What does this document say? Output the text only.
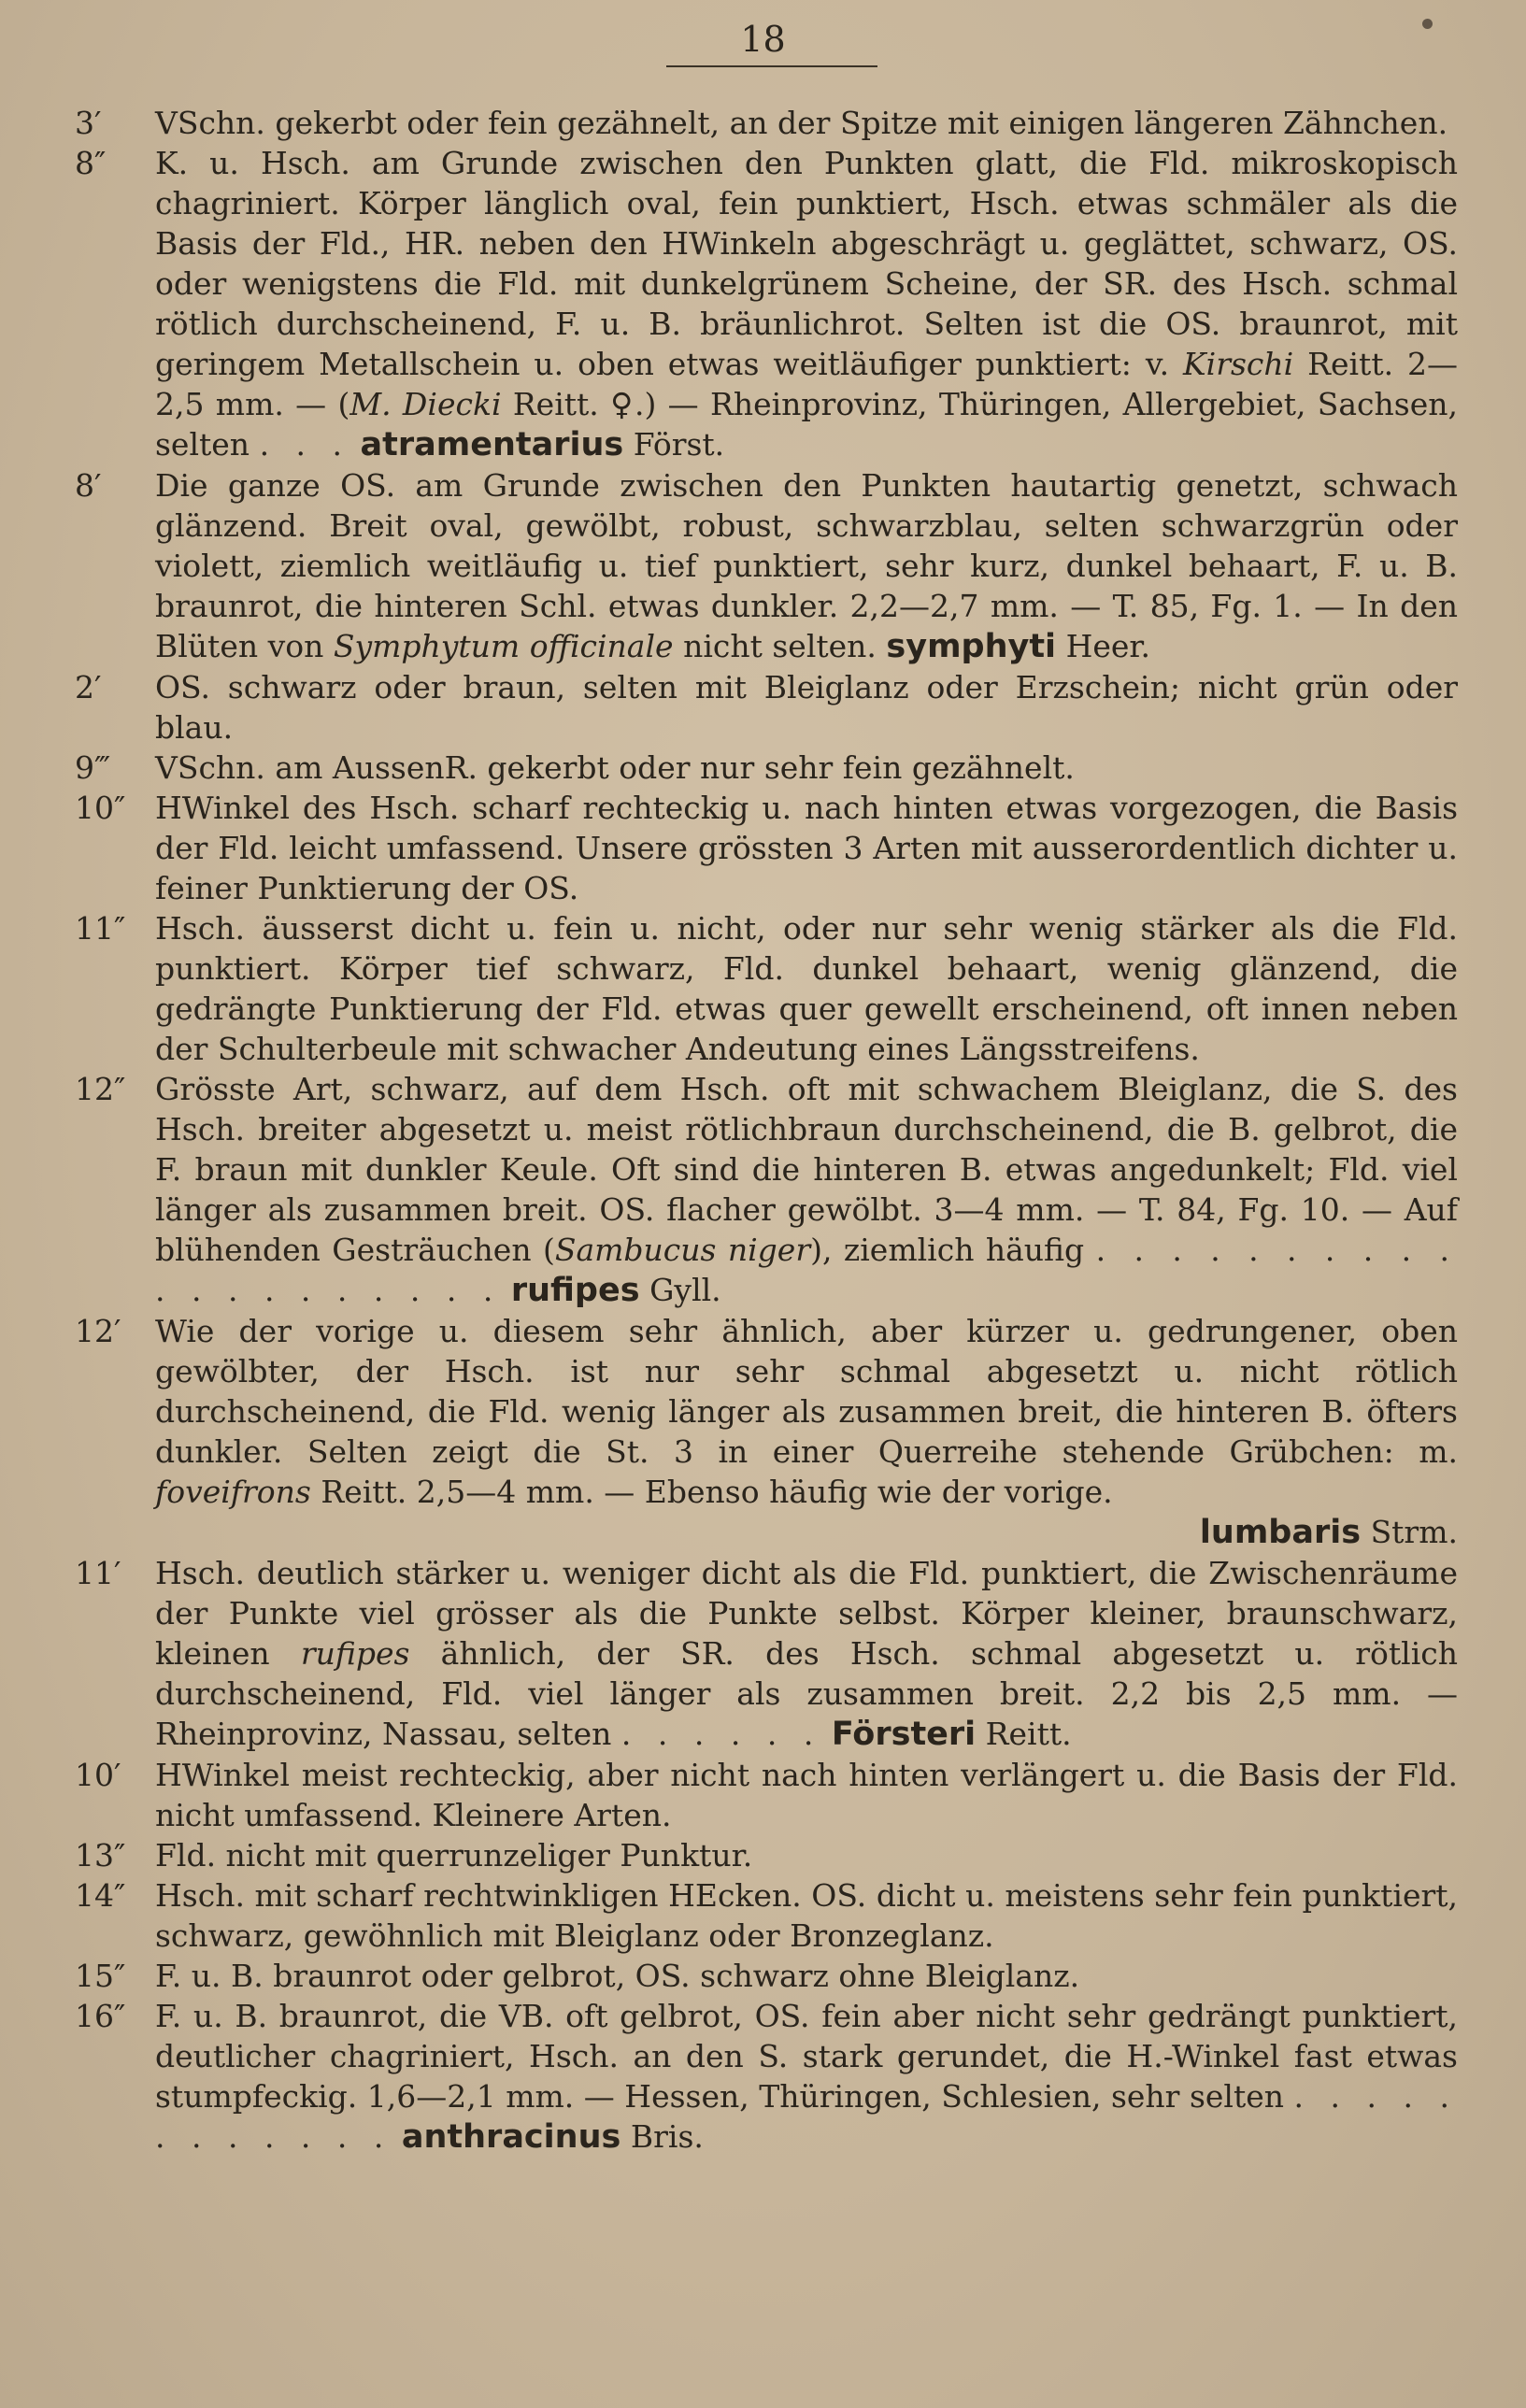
18
3′	VSchn. gekerbt oder fein gezähnelt, an der Spitze mit einigen längeren Zähnchen.
8″	K. u. Hsch. am Grunde zwischen den Punkten glatt, die Fld. mikroskopisch chagriniert. Körper länglich oval, fein punktiert, Hsch. etwas schmäler als die Basis der Fld., HR. neben den HWinkeln abgeschrägt u. geglättet, schwarz, OS. oder wenigstens die Fld. mit dunkelgrünem Scheine, der SR. des Hsch. schmal rötlich durchscheinend, F. u. B. bräunlichrot. Selten ist die OS. braunrot, mit geringem Metallschein u. oben etwas weitläufiger punktiert: v. Kirschi Reitt. 2—2,5 mm. — (M. Diecki Reitt. ♀.) — Rheinprovinz, Thüringen, Allergebiet, Sachsen, selten . . . atramentarius Först.
8′	Die ganze OS. am Grunde zwischen den Punkten hautartig genetzt, schwach glänzend. Breit oval, gewölbt, robust, schwarzblau, selten schwarzgrün oder violett, ziemlich weitläufig u. tief punktiert, sehr kurz, dunkel behaart, F. u. B. braunrot, die hinteren Schl. etwas dunkler. 2,2—2,7 mm. — T. 85, Fg. 1. — In den Blüten von Symphytum officinale nicht selten. symphyti Heer.
2′	OS. schwarz oder braun, selten mit Bleiglanz oder Erzschein; nicht grün oder blau.
9‴	VSchn. am AussenR. gekerbt oder nur sehr fein gezähnelt.
10″ HWinkel des Hsch. scharf rechteckig u. nach hinten etwas vorgezogen, die Basis der Fld. leicht umfassend. Unsere grössten 3 Arten mit ausserordentlich dichter u. feiner Punktierung der OS.
11″ Hsch. äusserst dicht u. fein u. nicht, oder nur sehr wenig stärker als die Fld. punktiert. Körper tief schwarz, Fld. dunkel behaart, wenig glänzend, die gedrängte Punktierung der Fld. etwas quer gewellt erscheinend, oft innen neben der Schulterbeule mit schwacher Andeutung eines Längsstreifens.
12″ Grösste Art, schwarz, auf dem Hsch. oft mit schwachem Bleiglanz, die S. des Hsch. breiter abgesetzt u. meist rötlichbraun durchscheinend, die B. gelbrot, die F. braun mit dunkler Keule. Oft sind die hinteren B. etwas angedunkelt; Fld. viel länger als zusammen breit. OS. flacher gewölbt. 3—4 mm. — T. 84, Fg. 10. — Auf blühenden Gesträuchen (Sambucus niger), ziemlich häufig . . . . . . . . . . . . . . . . . . . . rufipes Gyll.
12′	Wie der vorige u. diesem sehr ähnlich, aber kürzer u. gedrungener, oben gewölbter, der Hsch. ist nur sehr schmal abgesetzt u. nicht rötlich durchscheinend, die Fld. wenig länger als zusammen breit, die hinteren B. öfters dunkler. Selten zeigt die St. 3 in einer Querreihe stehende Grübchen: m. foveifrons Reitt. 2,5—4 mm. — Ebenso häufig wie der vorige.
lumbaris Strm.
11′	Hsch. deutlich stärker u. weniger dicht als die Fld. punktiert, die Zwischenräume der Punkte viel grösser als die Punkte selbst. Körper kleiner, braunschwarz, kleinen rufipes ähnlich, der SR. des Hsch. schmal abgesetzt u. rötlich durchscheinend, Fld. viel länger als zusammen breit. 2,2 bis 2,5 mm. — Rheinprovinz, Nassau, selten . . . . . . Försteri Reitt.
10′	HWinkel meist rechteckig, aber nicht nach hinten verlängert u. die Basis der Fld. nicht umfassend. Kleinere Arten.
13″ Fld. nicht mit querrunzeliger Punktur.
14″ Hsch. mit scharf rechtwinkligen HEcken. OS. dicht u. meistens sehr fein punktiert, schwarz, gewöhnlich mit Bleiglanz oder Bronzeglanz.
15″ F. u. B. braunrot oder gelbrot, OS. schwarz ohne Bleiglanz.
16″ F. u. B. braunrot, die VB. oft gelbrot, OS. fein aber nicht sehr gedrängt punktiert, deutlicher chagriniert, Hsch. an den S. stark gerundet, die H.-Winkel fast etwas stumpfeckig. 1,6—2,1 mm. — Hessen, Thüringen, Schlesien, sehr selten . . . . . . . . . . . . anthracinus Bris.
